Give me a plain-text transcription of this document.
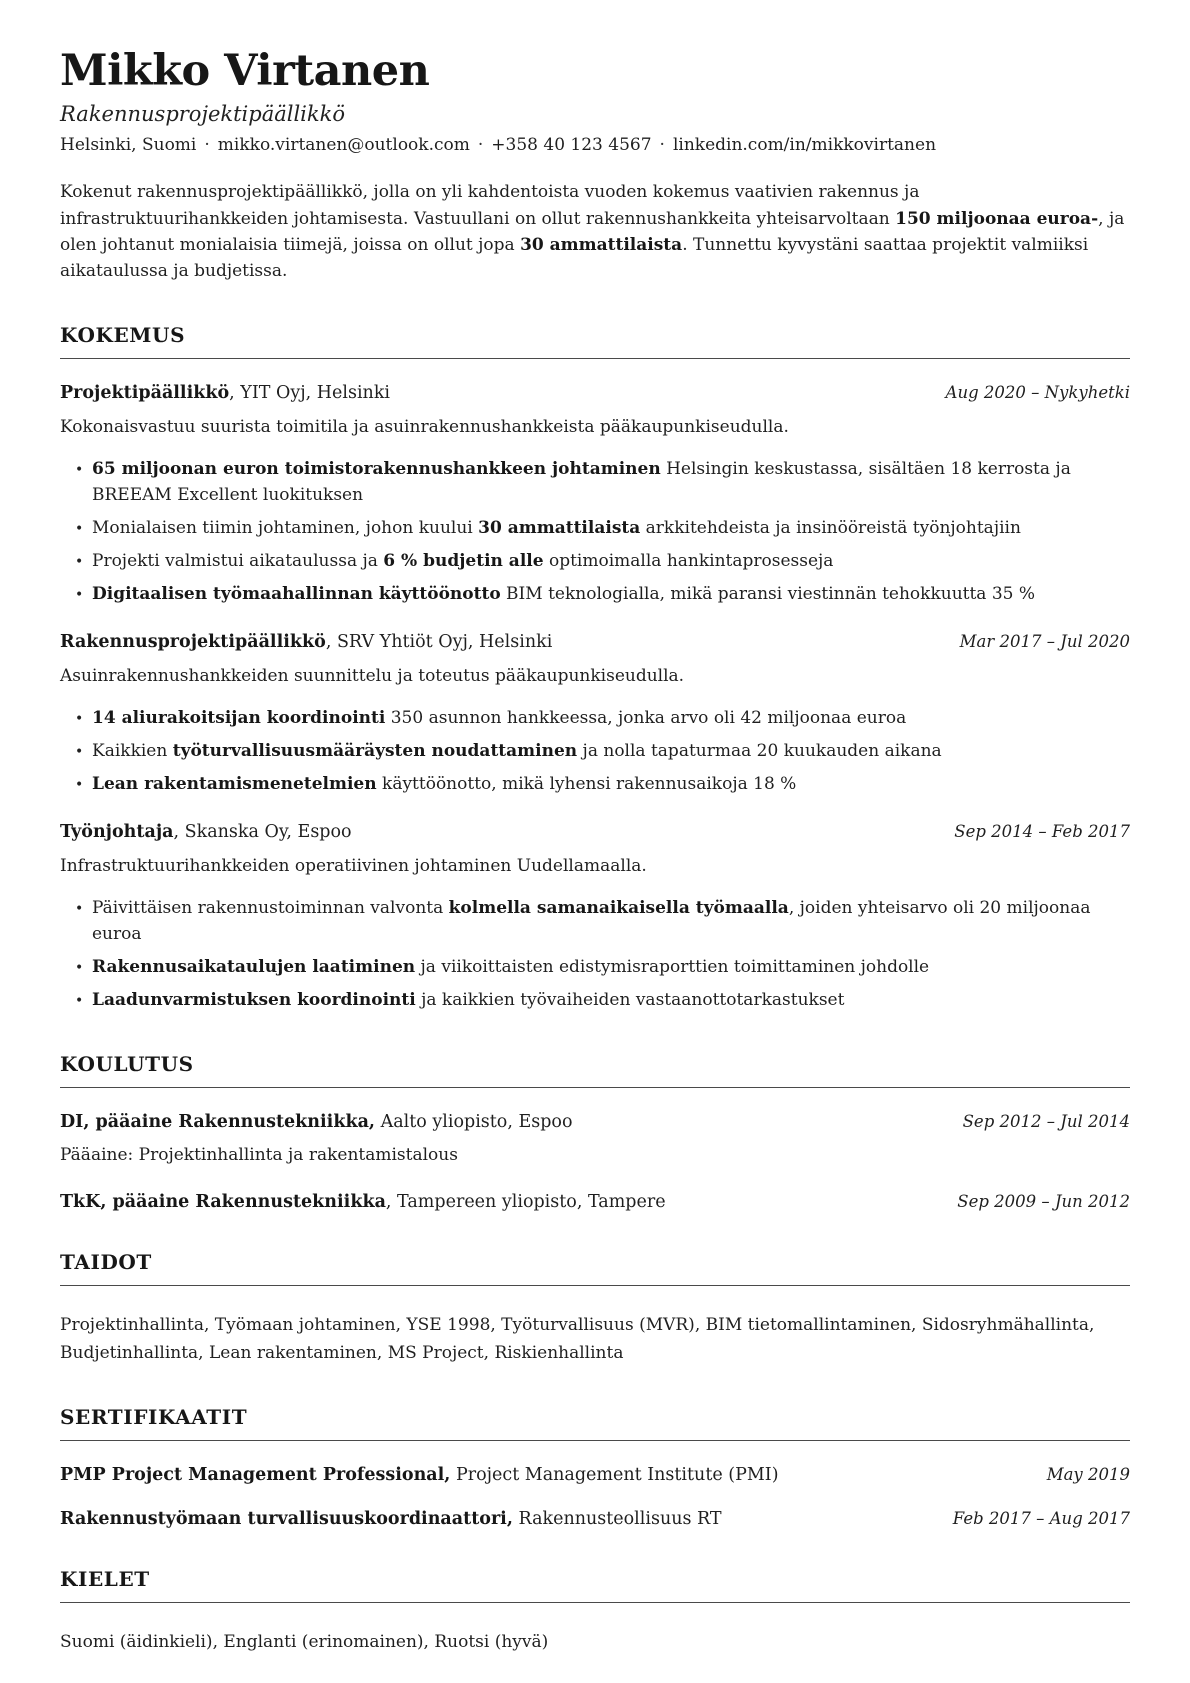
Mikko Virtanen
Rakennusprojektipäällikkö
Helsinki, Suomi · mikko.virtanen@outlook.com · +358 40 123 4567 · linkedin.com/in/mikkovirtanen

Kokenut rakennusprojektipäällikkö, jolla on yli kahdentoista vuoden kokemus vaativien rakennus ja infrastruktuurihankkeiden johtamisesta. Vastuullani on ollut rakennushankkeita yhteisarvoltaan 150 miljoonaa euroa-, ja olen johtanut monialaisia tiimejä, joissa on ollut jopa 30 ammattilaista. Tunnettu kyvystäni saattaa projektit valmiiksi aikataulussa ja budjetissa.

KOKEMUS
Projektipäällikkö, YIT Oyj, Helsinki	Aug 2020 – Nykyhetki

Kokonaisvastuu suurista toimitila ja asuinrakennushankkeista pääkaupunkiseudulla.

• 65 miljoonan euron toimistorakennushankkeen johtaminen Helsingin keskustassa, sisältäen 18 kerrosta ja BREEAM Excellent luokituksen
• Monialaisen tiimin johtaminen, johon kuului 30 ammattilaista arkkitehdeista ja insinööreistä työnjohtajiin
• Projekti valmistui aikataulussa ja 6 % budjetin alle optimoimalla hankintaprosesseja
• Digitaalisen työmaahallinnan käyttöönotto BIM teknologialla, mikä paransi viestinnän tehokkuutta 35 %
Rakennusprojektipäällikkö, SRV Yhtiöt Oyj, Helsinki	Mar 2017 – Jul 2020

Asuinrakennushankkeiden suunnittelu ja toteutus pääkaupunkiseudulla.

• 14 aliurakoitsijan koordinointi 350 asunnon hankkeessa, jonka arvo oli 42 miljoonaa euroa
• Kaikkien työturvallisuusmääräysten noudattaminen ja nolla tapaturmaa 20 kuukauden aikana
• Lean rakentamismenetelmien käyttöönotto, mikä lyhensi rakennusaikoja 18 %
Työnjohtaja, Skanska Oy, Espoo	Sep 2014 – Feb 2017

Infrastruktuurihankkeiden operatiivinen johtaminen Uudellamaalla.

• Päivittäisen rakennustoiminnan valvonta kolmella samanaikaisella työmaalla, joiden yhteisarvo oli 20 miljoonaa euroa
• Rakennusaikataulujen laatiminen ja viikoittaisten edistymisraporttien toimittaminen johdolle
• Laadunvarmistuksen koordinointi ja kaikkien työvaiheiden vastaanottotarkastukset
KOULUTUS
DI, pääaine Rakennustekniikka, Aalto yliopisto, Espoo	Sep 2012 – Jul 2014

Pääaine: Projektinhallinta ja rakentamistalous

TkK, pääaine Rakennustekniikka, Tampereen yliopisto, Tampere	Sep 2009 – Jun 2012
TAIDOT

Projektinhallinta, Työmaan johtaminen, YSE 1998, Työturvallisuus (MVR), BIM tietomallintaminen, Sidosryhmähallinta, Budjetinhallinta, Lean rakentaminen, MS Project, Riskienhallinta

SERTIFIKAATIT
PMP Project Management Professional, Project Management Institute (PMI)	May 2019
Rakennustyömaan turvallisuuskoordinaattori, Rakennusteollisuus RT	Feb 2017 – Aug 2017
KIELET

Suomi (äidinkieli), Englanti (erinomainen), Ruotsi (hyvä)
